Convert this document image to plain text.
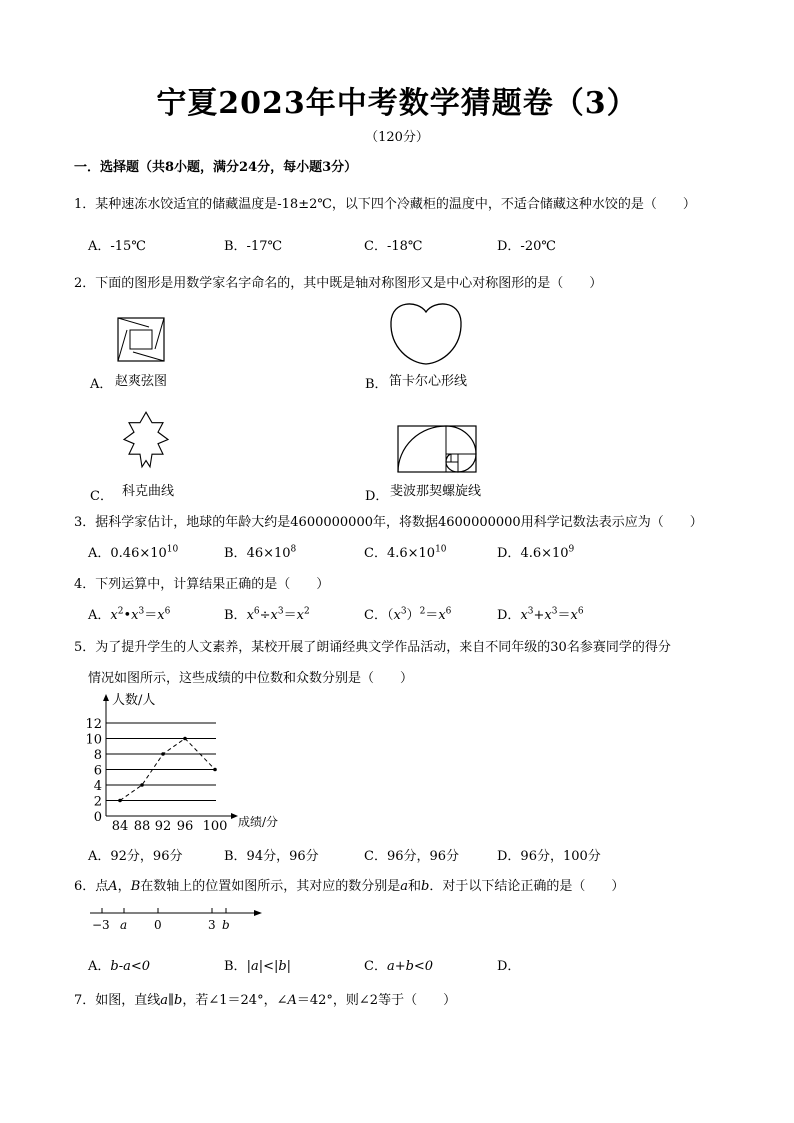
宁夏2023年中考数学猜题卷（3）
（120分）
一．选择题（共8小题，满分24分，每小题3分）
1．某种速冻水饺适宜的储藏温度是-18±2℃，以下四个冷藏柜的温度中，不适合储藏这种水饺的是（　　）
A．-15℃	B．-17℃	C．-18℃	D．-20℃
2．下面的图形是用数学家名字命名的，其中既是轴对称图形又是中心对称图形的是（　　）
A． 赵爽弦图	B． 笛卡尔心形线
C． 科克曲线	D． 斐波那契螺旋线
3．据科学家估计，地球的年龄大约是4600000000年，将数据4600000000用科学记数法表示应为（　　）
A．$0.46\times 10^{10}$	B．$46\times 10^8$	C．$4.6\times 10^{10}$	D．$4.6\times 10^9$
4．下列运算中，计算结果正确的是（　　）
A．$x^2•x^3=x^6$	B．$x^6\div x^3=x^2$	C．$(x^3)^2=x^6$	D．$x^3+x^3=x^6$
5．为了提升学生的人文素养，某校开展了朗诵经典文学作品活动，来自不同年级的30名参赛同学的得分
情况如图所示，这些成绩的中位数和众数分别是（　　）
0
2
4
6
8
10
12
84 88 92 96 100
人数/人
成绩/分
A．92分，96分	B．94分，96分	C．96分，96分	D．96分，100分
6．点A，B在数轴上的位置如图所示，其对应的数分别是a和b．对于以下结论正确的是（　　）
−3 a 0	3 b
A．b-a<0	B．|a|<|b|	C．a+b<0	D．
7．如图，直线a∥b，若∠1＝24°，∠A＝42°，则∠2等于（　　）
